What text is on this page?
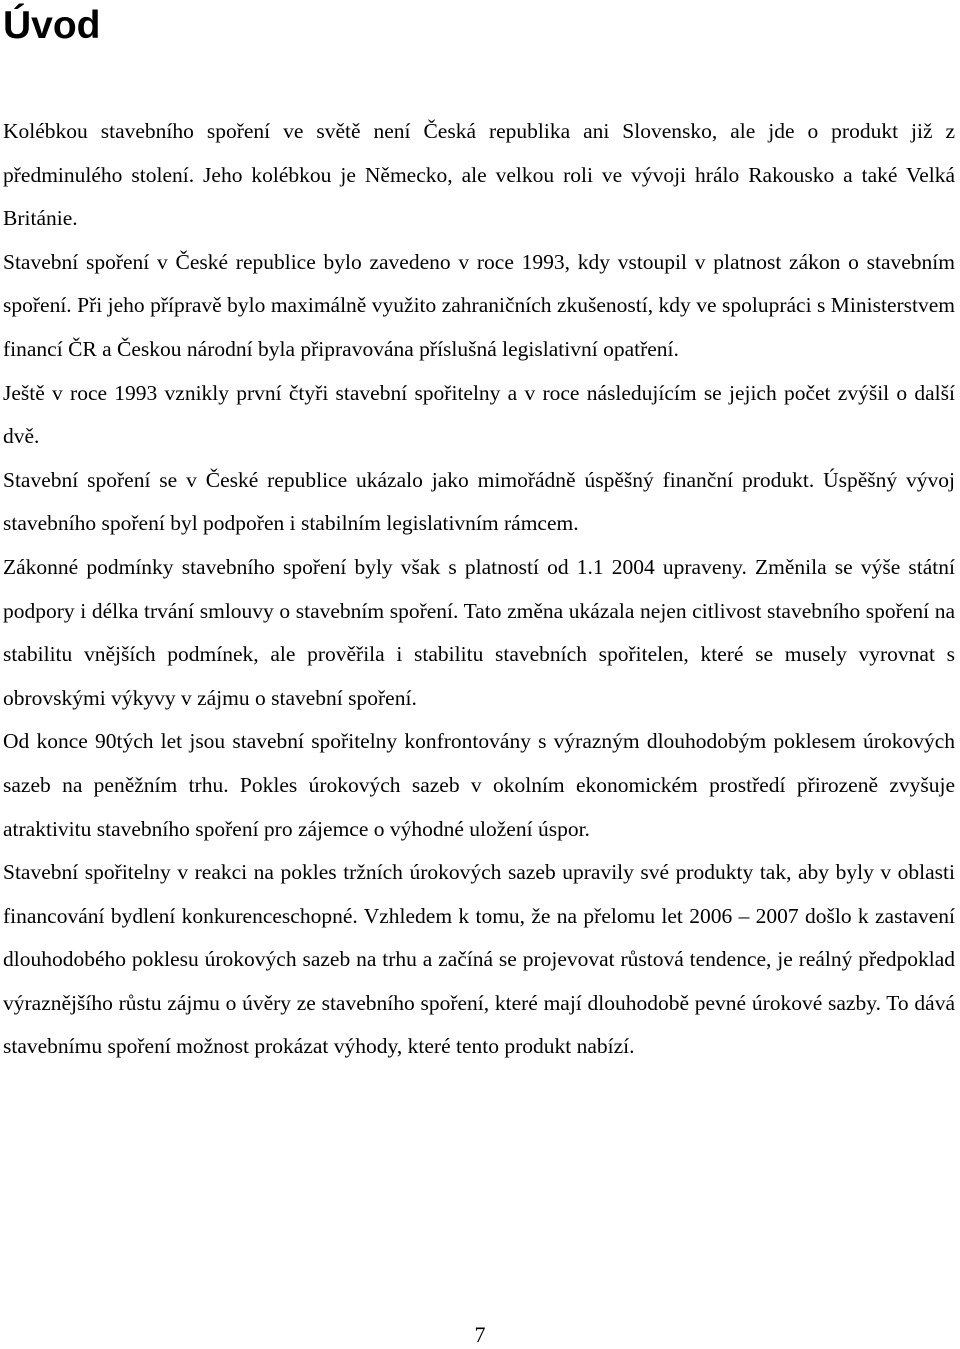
Úvod

Kolébkou stavebního spoření ve světě není Česká republika ani Slovensko, ale jde o produkt již z předminulého stolení. Jeho kolébkou je Německo, ale velkou roli ve vývoji hrálo Rakousko a také Velká Británie.

Stavební spoření v České republice bylo zavedeno v roce 1993, kdy vstoupil v platnost zákon o stavebním spoření. Při jeho přípravě bylo maximálně využito zahraničních zkušeností, kdy ve spolupráci s Ministerstvem financí ČR a Českou národní byla připravována příslušná legislativní opatření.

Ještě v roce 1993 vznikly první čtyři stavební spořitelny a v roce následujícím se jejich počet zvýšil o další dvě.

Stavební spoření se v České republice ukázalo jako mimořádně úspěšný finanční produkt. Úspěšný vývoj stavebního spoření byl podpořen i stabilním legislativním rámcem.

Zákonné podmínky stavebního spoření byly však s platností od 1.1 2004 upraveny. Změnila se výše státní podpory i délka trvání smlouvy o stavebním spoření. Tato změna ukázala nejen citlivost stavebního spoření na stabilitu vnějších podmínek, ale prověřila i stabilitu stavebních spořitelen, které se musely vyrovnat s obrovskými výkyvy v zájmu o stavební spoření.

Od konce 90tých let jsou stavební spořitelny konfrontovány s výrazným dlouhodobým poklesem úrokových sazeb na peněžním trhu. Pokles úrokových sazeb v okolním ekonomickém prostředí přirozeně zvyšuje atraktivitu stavebního spoření pro zájemce o výhodné uložení úspor.

Stavební spořitelny v reakci na pokles tržních úrokových sazeb upravily své produkty tak, aby byly v oblasti financování bydlení konkurenceschopné. Vzhledem k tomu, že na přelomu let 2006 – 2007 došlo k zastavení dlouhodobého poklesu úrokových sazeb na trhu a začíná se projevovat růstová tendence, je reálný předpoklad výraznějšího růstu zájmu o úvěry ze stavebního spoření, které mají dlouhodobě pevné úrokové sazby. To dává stavebnímu spoření možnost prokázat výhody, které tento produkt nabízí.

7
